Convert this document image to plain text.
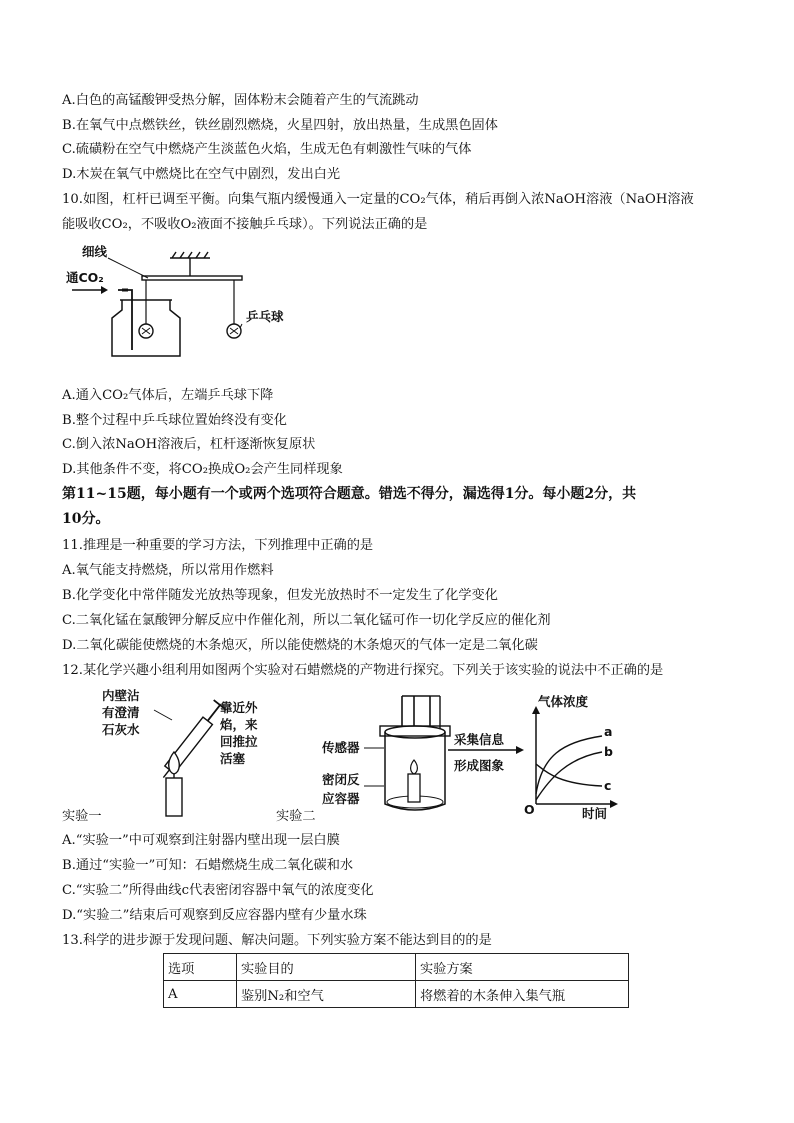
A.白色的高锰酸钾受热分解，固体粉末会随着产生的气流跳动
B.在氧气中点燃铁丝，铁丝剧烈燃烧，火星四射，放出热量，生成黑色固体
C.硫磺粉在空气中燃烧产生淡蓝色火焰，生成无色有刺激性气味的气体
D.木炭在氧气中燃烧比在空气中剧烈，发出白光
10.如图，杠杆已调至平衡。向集气瓶内缓慢通入一定量的CO₂气体，稍后再倒入浓NaOH溶液（NaOH溶液
能吸收CO₂，不吸收O₂液面不接触乒乓球）。下列说法正确的是
细线
通CO₂
乒乓球
A.通入CO₂气体后，左端乒乓球下降
B.整个过程中乒乓球位置始终没有变化
C.倒入浓NaOH溶液后，杠杆逐渐恢复原状
D.其他条件不变，将CO₂换成O₂会产生同样现象
第11~15题，每小题有一个或两个选项符合题意。错选不得分，漏选得1分。每小题2分，共
10分。
11.推理是一种重要的学习方法，下列推理中正确的是
A.氧气能支持燃烧，所以常用作燃料
B.化学变化中常伴随发光放热等现象，但发光放热时不一定发生了化学变化
C.二氧化锰在氯酸钾分解反应中作催化剂，所以二氧化锰可作一切化学反应的催化剂
D.二氧化碳能使燃烧的木条熄灭，所以能使燃烧的木条熄灭的气体一定是二氧化碳
12.某化学兴趣小组利用如图两个实验对石蜡燃烧的产物进行探究。下列关于该实验的说法中不正确的是
内壁沾
有澄清
石灰水
靠近外
焰，来
回推拉
活塞
传感器
密闭反
应容器
采集信息
形成图象
气体浓度
O	时间
a
b
c
实验一	实验二
A.“实验一”中可观察到注射器内壁出现一层白膜
B.通过“实验一”可知：石蜡燃烧生成二氧化碳和水
C.“实验二”所得曲线c代表密闭容器中氧气的浓度变化
D.“实验二”结束后可观察到反应容器内壁有少量水珠
13.科学的进步源于发现问题、解决问题。下列实验方案不能达到目的的是
选项	实验目的	实验方案
A	鉴别N₂和空气	将燃着的木条伸入集气瓶
